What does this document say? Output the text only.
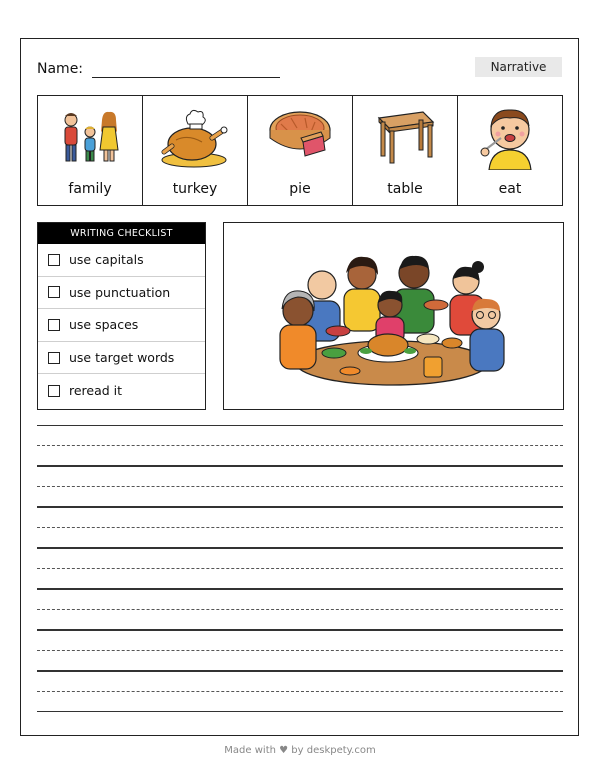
Name:	Narrative
family	turkey	pie	table	eat
WRITING CHECKLIST
use capitals
use punctuation
use spaces
use target words
reread it
Made with ♥ by deskpety.com
